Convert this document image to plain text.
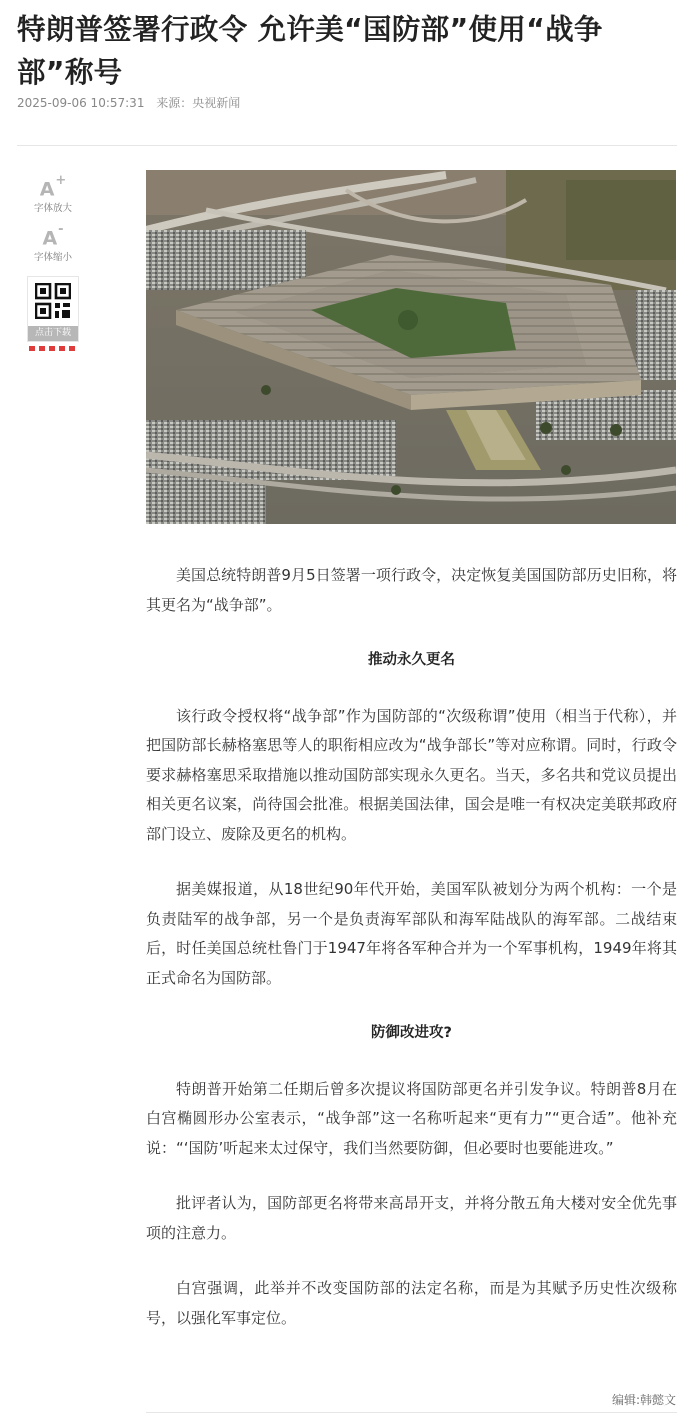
特朗普签署行政令 允许美“国防部”使用“战争部”称号
2025-09-06 10:57:31 来源：央视新闻
A+
字体放大
A-
字体缩小
点击下载

美国总统特朗普9月5日签署一项行政令，决定恢复美国国防部历史旧称，将其更名为“战争部”。

推动永久更名

该行政令授权将“战争部”作为国防部的“次级称谓”使用（相当于代称），并把国防部长赫格塞思等人的职衔相应改为“战争部长”等对应称谓。同时，行政令要求赫格塞思采取措施以推动国防部实现永久更名。当天，多名共和党议员提出相关更名议案，尚待国会批准。根据美国法律，国会是唯一有权决定美联邦政府部门设立、废除及更名的机构。

据美媒报道，从18世纪90年代开始，美国军队被划分为两个机构：一个是负责陆军的战争部，另一个是负责海军部队和海军陆战队的海军部。二战结束后，时任美国总统杜鲁门于1947年将各军种合并为一个军事机构，1949年将其正式命名为国防部。

防御改进攻?

特朗普开始第二任期后曾多次提议将国防部更名并引发争议。特朗普8月在白宫椭圆形办公室表示，“战争部”这一名称听起来“更有力”“更合适”。他补充说：“‘国防’听起来太过保守，我们当然要防御，但必要时也要能进攻。”

批评者认为，国防部更名将带来高昂开支，并将分散五角大楼对安全优先事项的注意力。

白宫强调，此举并不改变国防部的法定名称，而是为其赋予历史性次级称号，以强化军事定位。

编辑:韩懿文
